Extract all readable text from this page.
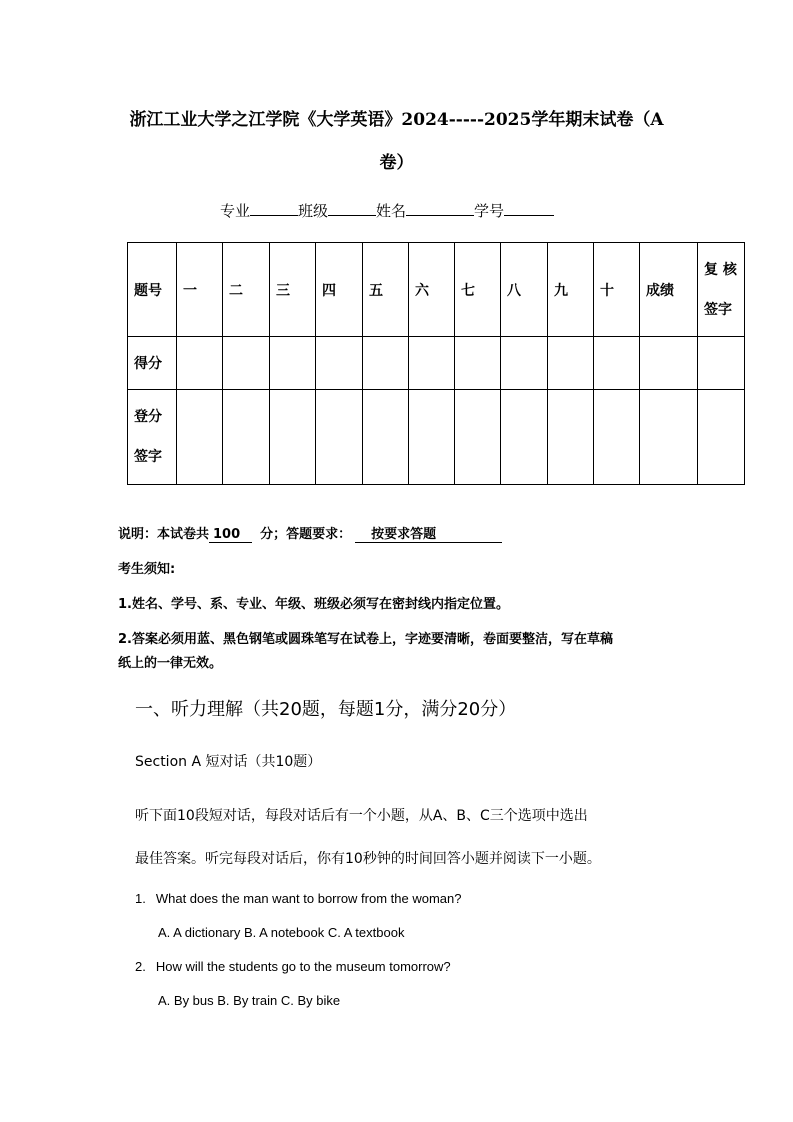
浙江工业大学之江学院《大学英语》2024-----2025学年期末试卷（A
卷）
专业	班级	姓名	学号
题号	一	二	三	四	五	六	七	八	九	十	成绩	复 核 签字
得分												
登分 签字												
说明：本试卷共 100 分；答题要求： 按要求答题
考生须知:
1.姓名、学号、系、专业、年级、班级必须写在密封线内指定位置。
2.答案必须用蓝、黑色钢笔或圆珠笔写在试卷上，字迹要清晰，卷面要整洁，写在草稿
纸上的一律无效。
一、听力理解（共20题，每题1分，满分20分）
Section A 短对话（共10题）
听下面10段短对话，每段对话后有一个小题，从A、B、C三个选项中选出
最佳答案。听完每段对话后，你有10秒钟的时间回答小题并阅读下一小题。
1. What does the man want to borrow from the woman?
A. A dictionary B. A notebook C. A textbook
2. How will the students go to the museum tomorrow?
A. By bus B. By train C. By bike
